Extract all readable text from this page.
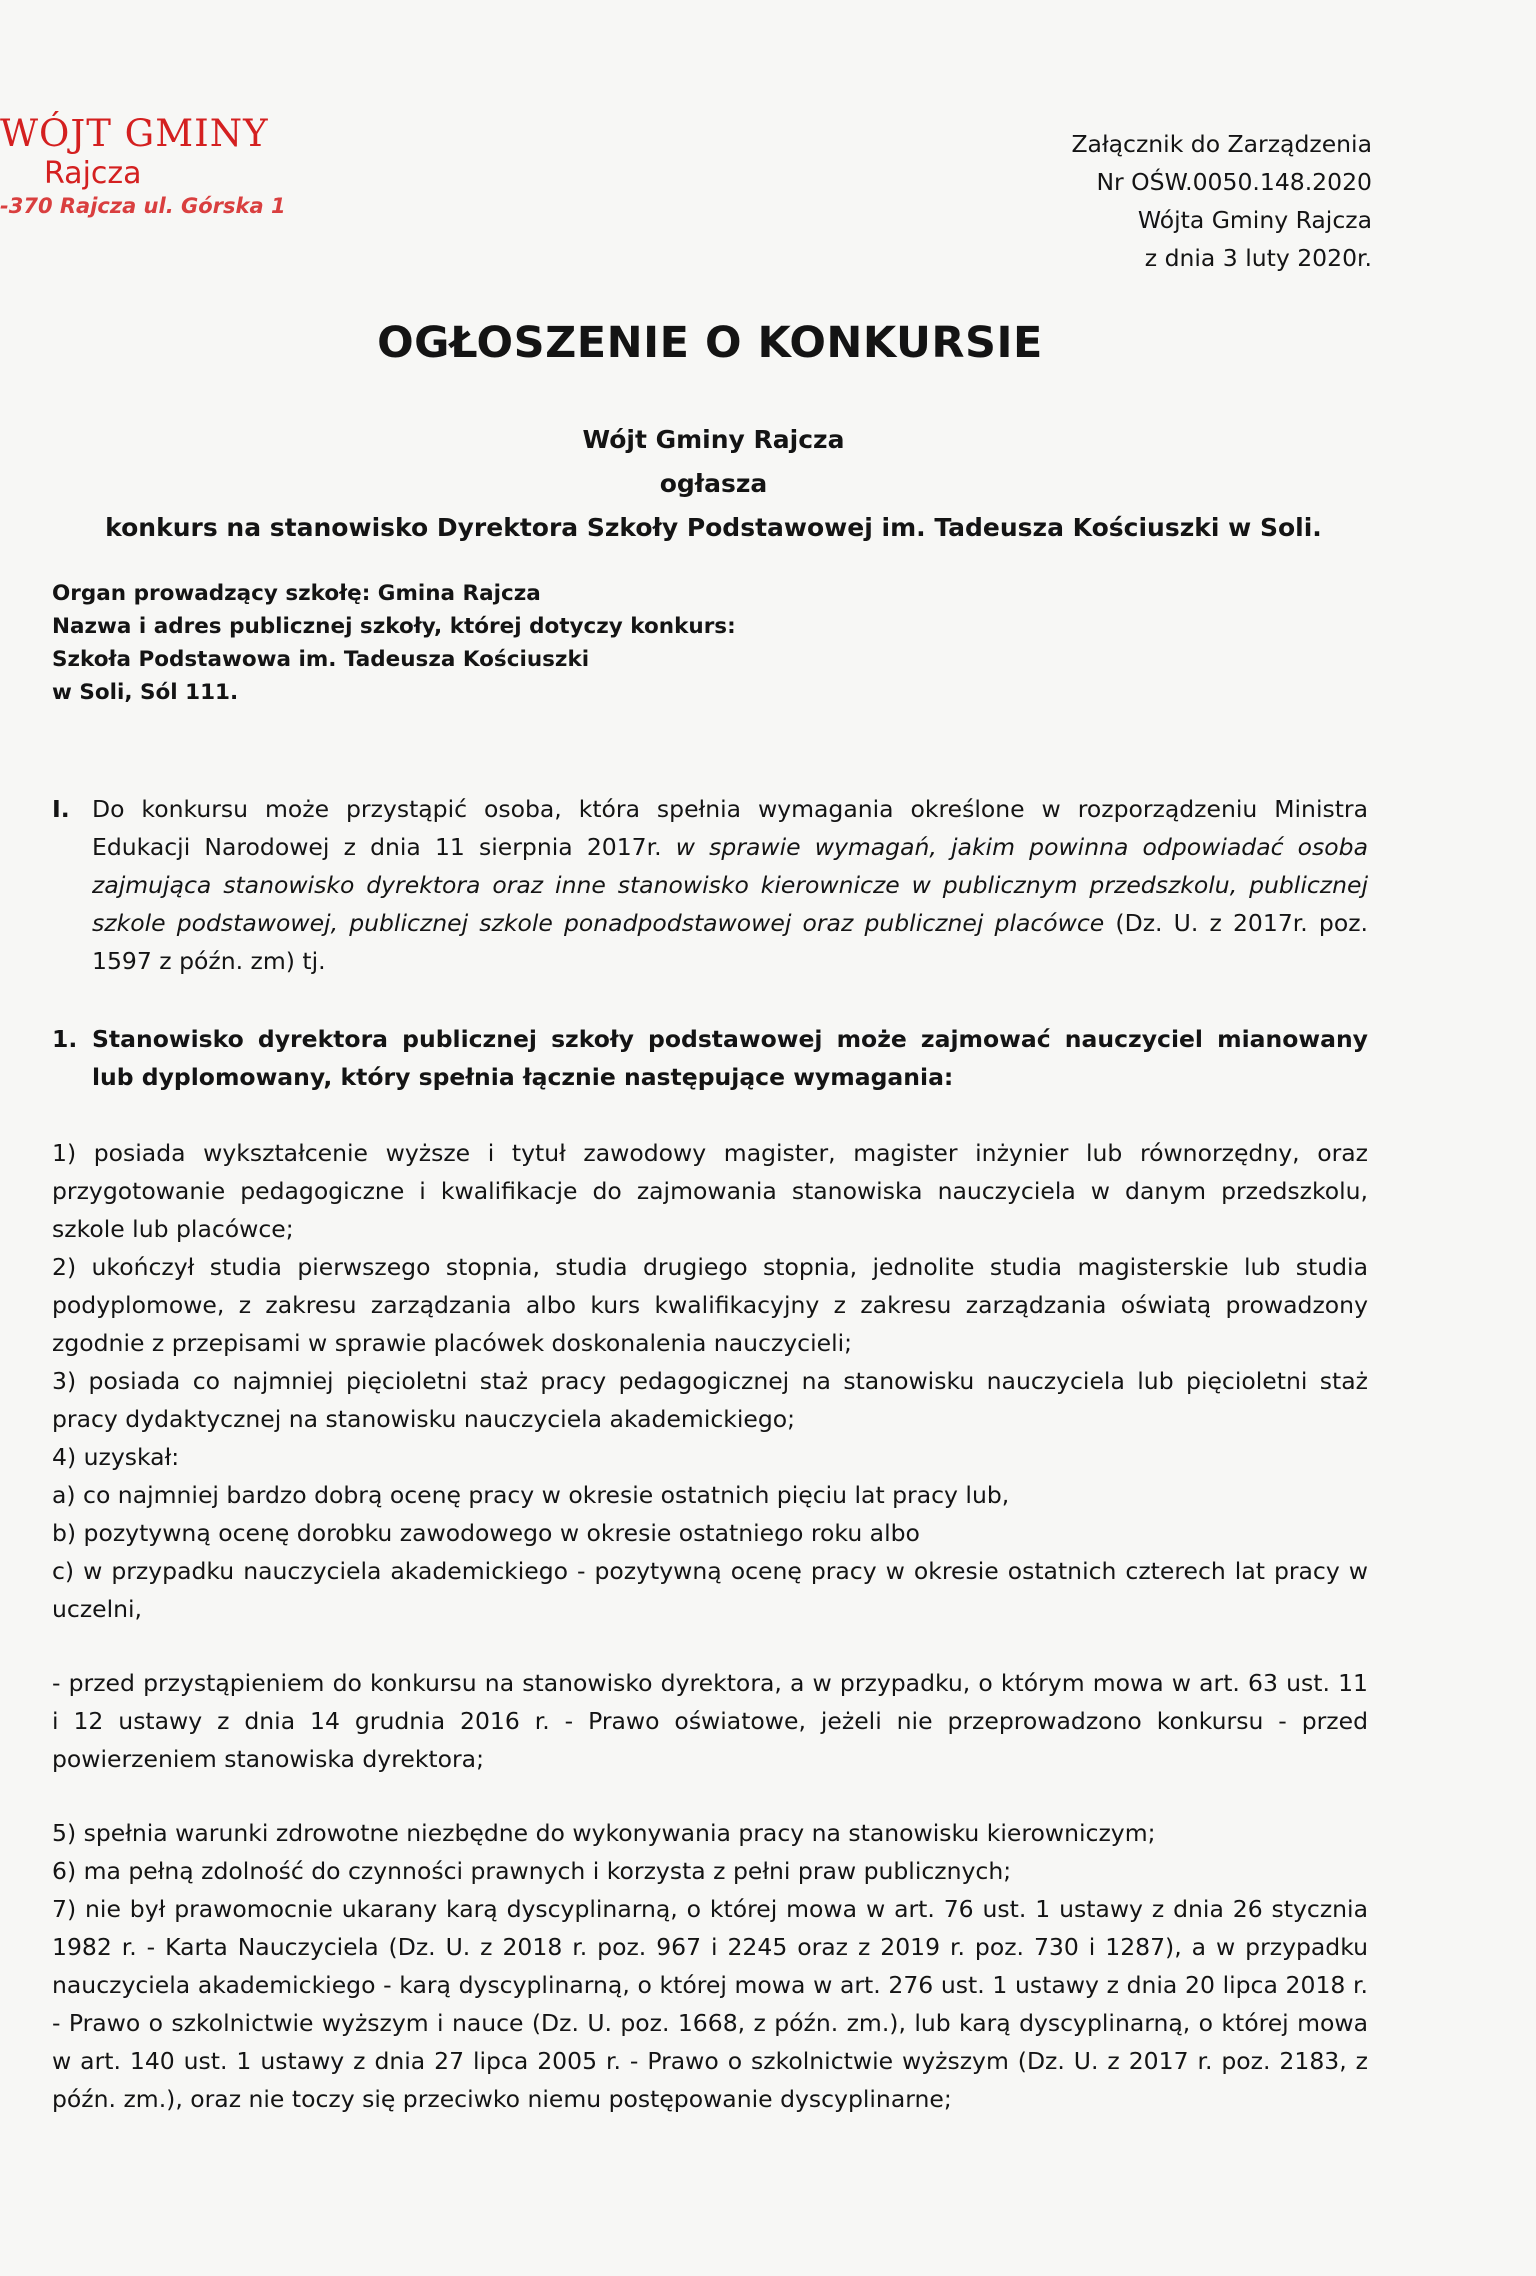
WÓJT GMINY
Rajcza
-370 Rajcza ul. Górska 1
Załącznik do Zarządzenia
Nr OŚW.0050.148.2020
Wójta Gminy Rajcza
z dnia 3 luty 2020r.
OGŁOSZENIE O KONKURSIE
Wójt Gminy Rajcza
ogłasza
konkurs na stanowisko Dyrektora Szkoły Podstawowej im. Tadeusza Kościuszki w Soli.
Organ prowadzący szkołę: Gmina Rajcza
Nazwa i adres publicznej szkoły, której dotyczy konkurs:
Szkoła Podstawowa im. Tadeusza Kościuszki
w Soli, Sól 111.
I. Do konkursu może przystąpić osoba, która spełnia wymagania określone w rozporządzeniu Ministra Edukacji Narodowej z dnia 11 sierpnia 2017r. w sprawie wymagań, jakim powinna odpowiadać osoba zajmująca stanowisko dyrektora oraz inne stanowisko kierownicze w publicznym przedszkolu, publicznej szkole podstawowej, publicznej szkole ponadpodstawowej oraz publicznej placówce (Dz. U. z 2017r. poz. 1597 z późn. zm) tj.

1. Stanowisko dyrektora publicznej szkoły podstawowej może zajmować nauczyciel mianowany lub dyplomowany, który spełnia łącznie następujące wymagania:

1) posiada wykształcenie wyższe i tytuł zawodowy magister, magister inżynier lub równorzędny, oraz przygotowanie pedagogiczne i kwalifikacje do zajmowania stanowiska nauczyciela w danym przedszkolu, szkole lub placówce;

2) ukończył studia pierwszego stopnia, studia drugiego stopnia, jednolite studia magisterskie lub studia podyplomowe, z zakresu zarządzania albo kurs kwalifikacyjny z zakresu zarządzania oświatą prowadzony zgodnie z przepisami w sprawie placówek doskonalenia nauczycieli;

3) posiada co najmniej pięcioletni staż pracy pedagogicznej na stanowisku nauczyciela lub pięcioletni staż pracy dydaktycznej na stanowisku nauczyciela akademickiego;

4) uzyskał:

a) co najmniej bardzo dobrą ocenę pracy w okresie ostatnich pięciu lat pracy lub,

b) pozytywną ocenę dorobku zawodowego w okresie ostatniego roku albo

c) w przypadku nauczyciela akademickiego - pozytywną ocenę pracy w okresie ostatnich czterech lat pracy w uczelni,

- przed przystąpieniem do konkursu na stanowisko dyrektora, a w przypadku, o którym mowa w art. 63 ust. 11 i 12 ustawy z dnia 14 grudnia 2016 r. - Prawo oświatowe, jeżeli nie przeprowadzono konkursu - przed powierzeniem stanowiska dyrektora;

5) spełnia warunki zdrowotne niezbędne do wykonywania pracy na stanowisku kierowniczym;

6) ma pełną zdolność do czynności prawnych i korzysta z pełni praw publicznych;

7) nie był prawomocnie ukarany karą dyscyplinarną, o której mowa w art. 76 ust. 1 ustawy z dnia 26 stycznia 1982 r. - Karta Nauczyciela (Dz. U. z 2018 r. poz. 967 i 2245 oraz z 2019 r. poz. 730 i 1287), a w przypadku nauczyciela akademickiego - karą dyscyplinarną, o której mowa w art. 276 ust. 1 ustawy z dnia 20 lipca 2018 r. - Prawo o szkolnictwie wyższym i nauce (Dz. U. poz. 1668, z późn. zm.), lub karą dyscyplinarną, o której mowa w art. 140 ust. 1 ustawy z dnia 27 lipca 2005 r. - Prawo o szkolnictwie wyższym (Dz. U. z 2017 r. poz. 2183, z późn. zm.), oraz nie toczy się przeciwko niemu postępowanie dyscyplinarne;
